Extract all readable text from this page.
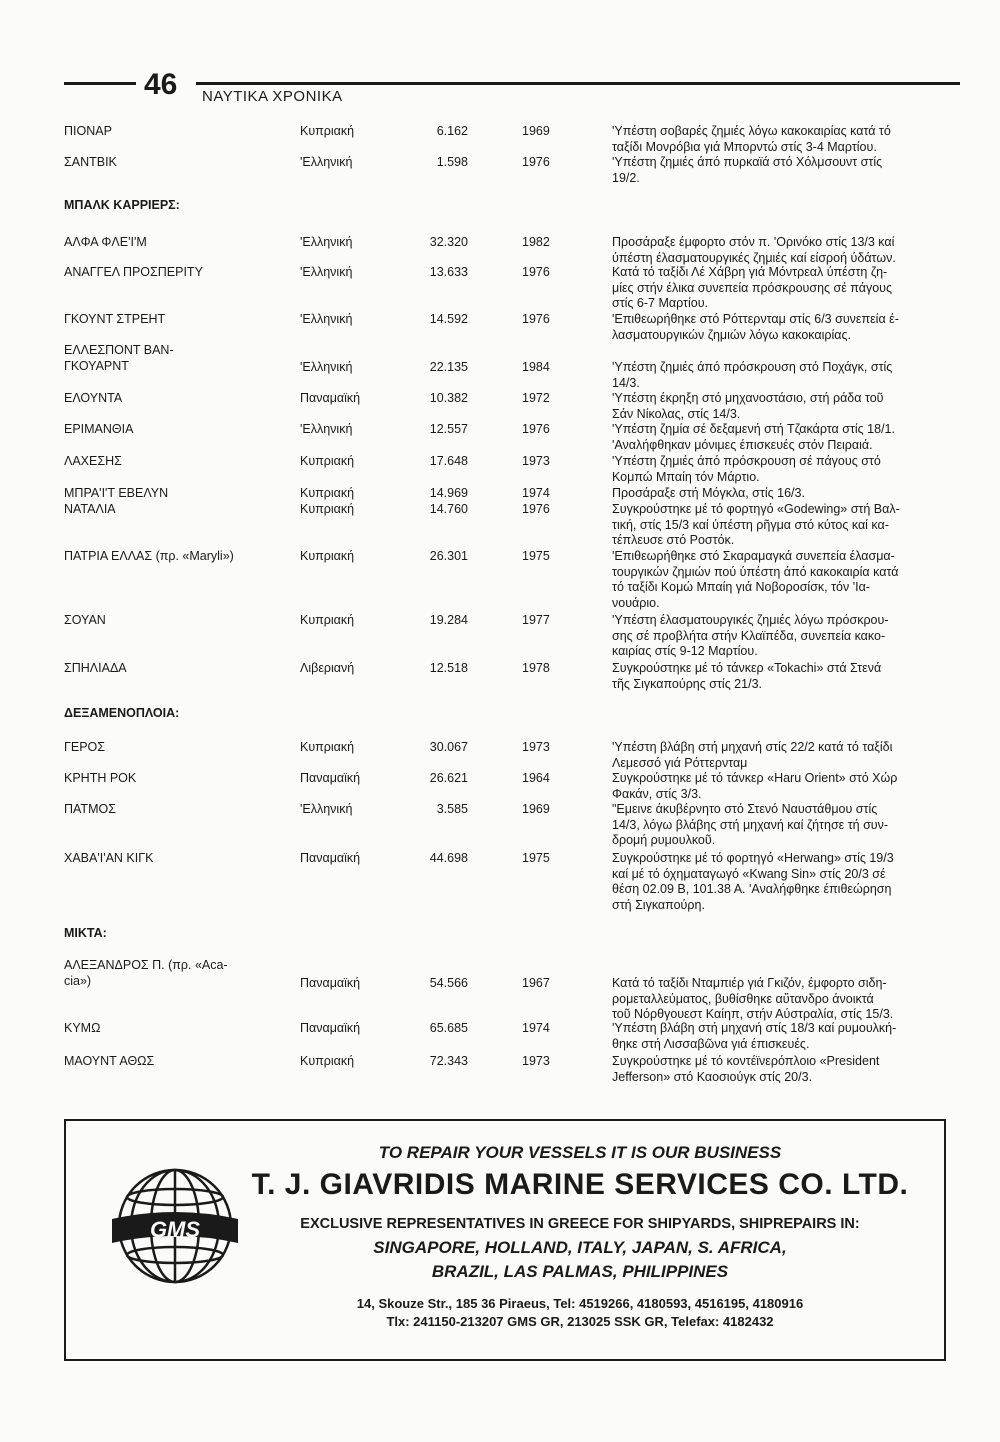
46 ΝΑΥΤΙΚΑ ΧΡΟΝΙΚΑ
ΠΙΟΝΑΡ	Κυπριακή	6.162	1969	'Υπέστη σοβαρές ζημιές λόγω κακοκαιρίας κατά τό
ταξίδι Μονρόβια γιά Μπορντώ στίς 3-4 Μαρτίου.
ΣΑΝΤΒΙΚ	'Ελληνική	1.598	1976	'Υπέστη ζημιές άπό πυρκαϊά στό Χόλμσουντ στίς
19/2.
ΜΠΑΛΚ ΚΑΡΡΙΕΡΣ:
ΑΛΦΑ ΦΛΕ'Ι'Μ	'Ελληνική	32.320	1982	Προσάραξε έμφορτο στόν π. 'Ορινόκο στίς 13/3 καί
ύπέστη έλασματουργικές ζημιές καί είσροή ύδάτων.
ΑΝΑΓΓΕΛ ΠΡΟΣΠΕΡΙΤΥ	'Ελληνική	13.633	1976	Κατά τό ταξίδι Λέ Χάβρη γιά Μόντρεαλ ύπέστη ζη-
μίες στήν έλικα συνεπεία πρόσκρουσης σέ πάγους
στίς 6-7 Μαρτίου.
ΓΚΟΥΝΤ ΣΤΡΕΗΤ	'Ελληνική	14.592	1976	'Επιθεωρήθηκε στό Ρόττερνταμ στίς 6/3 συνεπεία έ-
λασματουργικών ζημιών λόγω κακοκαιρίας.
ΕΛΛΕΣΠΟΝΤ ΒΑΝ-
ΓΚΟΥΑΡΝΤ	'Ελληνική	22.135	1984	'Υπέστη ζημιές άπό πρόσκρουση στό Ποχάγκ, στίς
14/3.
ΕΛΟΥΝΤΑ	Παναμαϊκή	10.382	1972	'Υπέστη έκρηξη στό μηχανοστάσιο, στή ράδα τοῦ
Σάν Νίκολας, στίς 14/3.
ΕΡΙΜΑΝΘΙΑ	'Ελληνική	12.557	1976	'Υπέστη ζημία σέ δεξαμενή στή Τζακάρτα στίς 18/1.
'Αναλήφθηκαν μόνιμες έπισκευές στόν Πειραιά.
ΛΑΧΕΣΗΣ	Κυπριακή	17.648	1973	'Υπέστη ζημιές άπό πρόσκρουση σέ πάγους στό
Κομπώ Μπαίη τόν Μάρτιο.
ΜΠΡΑ'Ι'Τ ΕΒΕΛΥΝ	Κυπριακή	14.969	1974	Προσάραξε στή Μόγκλα, στίς 16/3.
ΝΑΤΑΛΙΑ	Κυπριακή	14.760	1976	Συγκρούστηκε μέ τό φορτηγό «Godewing» στή Βαλ-
τική, στίς 15/3 καί ύπέστη ρῆγμα στό κύτος καί κα-
τέπλευσε στό Ροστόκ.
ΠΑΤΡΙΑ ΕΛΛΑΣ (πρ. «Maryli»)	Κυπριακή	26.301	1975	'Επιθεωρήθηκε στό Σκαραμαγκά συνεπεία έλασμα-
τουργικών ζημιών πού ύπέστη άπό κακοκαιρία κατά
τό ταξίδι Κομώ Μπαίη γιά Νοβοροσίσκ, τόν 'Ια-
νουάριο.
ΣΟΥΑΝ	Κυπριακή	19.284	1977	'Υπέστη έλασματουργικές ζημιές λόγω πρόσκρου-
σης σέ προβλήτα στήν Κλαϊπέδα, συνεπεία κακο-
καιρίας στίς 9-12 Μαρτίου.
ΣΠΗΛΙΑΔΑ	Λιβεριανή	12.518	1978	Συγκρούστηκε μέ τό τάνκερ «Tokachi» στά Στενά
τῆς Σιγκαπούρης στίς 21/3.
ΔΕΞΑΜΕΝΟΠΛΟΙΑ:
ΓΕΡΟΣ	Κυπριακή	30.067	1973	'Υπέστη βλάβη στή μηχανή στίς 22/2 κατά τό ταξίδι
Λεμεσσό γιά Ρόττερνταμ
ΚΡΗΤΗ ΡΟΚ	Παναμαϊκή	26.621	1964	Συγκρούστηκε μέ τό τάνκερ «Haru Orient» στό Χώρ
Φακάν, στίς 3/3.
ΠΑΤΜΟΣ	'Ελληνική	3.585	1969	"Εμεινε άκυβέρνητο στό Στενό Ναυστάθμου στίς
14/3, λόγω βλάβης στή μηχανή καί ζήτησε τή συν-
δρομή ρυμουλκοῦ.
ΧΑΒΑ'Ι'ΑΝ ΚΙΓΚ	Παναμαϊκή	44.698	1975	Συγκρούστηκε μέ τό φορτηγό «Herwang» στίς 19/3
καί μέ τό όχηματαγωγό «Kwang Sin» στίς 20/3 σέ
θέση 02.09 Β, 101.38 Α. 'Αναλήφθηκε έπιθεώρηση
στή Σιγκαπούρη.
ΜΙΚΤΑ:
ΑΛΕΞΑΝΔΡΟΣ Π. (πρ. «Aca-
cia»)	Παναμαϊκή	54.566	1967	Κατά τό ταξίδι Νταμπιέρ γιά Γκιζόν, έμφορτο σιδη-
ρομεταλλεύματος, βυθίσθηκε αὔτανδρο άνοικτά
τοῦ Νόρθγουεστ Καίηπ, στήν Αύστραλία, στίς 15/3.
ΚΥΜΩ	Παναμαϊκή	65.685	1974	'Υπέστη βλάβη στή μηχανή στίς 18/3 καί ρυμουλκή-
θηκε στή Λισσαβῶνα γιά έπισκευές.
ΜΑΟΥΝΤ ΑΘΩΣ	Κυπριακή	72.343	1973	Συγκρούστηκε μέ τό κοντέϊνερόπλοιο «President
Jefferson» στό Καοσιούγκ στίς 20/3.
GMS
TO REPAIR YOUR VESSELS IT IS OUR BUSINESS
T. J. GIAVRIDIS MARINE SERVICES CO. LTD.
EXCLUSIVE REPRESENTATIVES IN GREECE FOR SHIPYARDS, SHIPREPAIRS IN:
SINGAPORE, HOLLAND, ITALY, JAPAN, S. AFRICA,
BRAZIL, LAS PALMAS, PHILIPPINES
14, Skouze Str., 185 36 Piraeus, Tel: 4519266, 4180593, 4516195, 4180916
Tlx: 241150-213207 GMS GR, 213025 SSK GR, Telefax: 4182432
